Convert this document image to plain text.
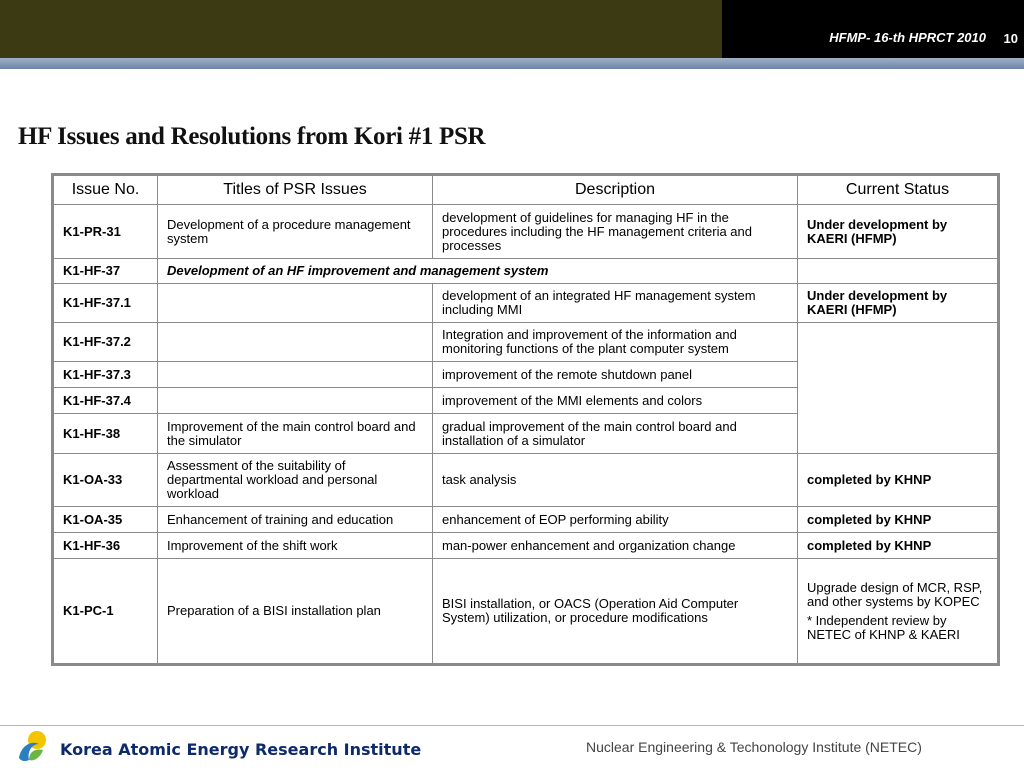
HFMP- 16-th HPRCT 2010 10
HF Issues and Resolutions from Kori #1 PSR
Issue No.	Titles of PSR Issues	Description	Current Status
K1-PR-31	Development of a procedure management system	development of guidelines for managing HF in the procedures including the HF management criteria and processes	Under development by KAERI (HFMP)
K1-HF-37	Development of an HF improvement and management system		
K1-HF-37.1		development of an integrated HF management system including MMI	Under development by KAERI (HFMP)
K1-HF-37.2		Integration and improvement of the information and monitoring functions of the plant computer system	
K1-HF-37.3		improvement of the remote shutdown panel	
K1-HF-37.4		improvement of the MMI elements and colors	
K1-HF-38	Improvement of the main control board and the simulator	gradual improvement of the main control board and installation of a simulator	
K1-OA-33	Assessment of the suitability of departmental workload and personal workload	task analysis	completed by KHNP
K1-OA-35	Enhancement of training and education	enhancement of EOP performing ability	completed by KHNP
K1-HF-36	Improvement of the shift work	man-power enhancement and organization change	completed by KHNP
K1-PC-1	Preparation of a BISI installation plan	BISI installation, or OACS (Operation Aid Computer System) utilization, or procedure modifications	Upgrade design of MCR, RSP, and other systems by KOPEC
* Independent review by NETEC of KHNP & KAERI
Korea Atomic Energy Research Institute	Nuclear Engineering & Techonology Institute (NETEC)
